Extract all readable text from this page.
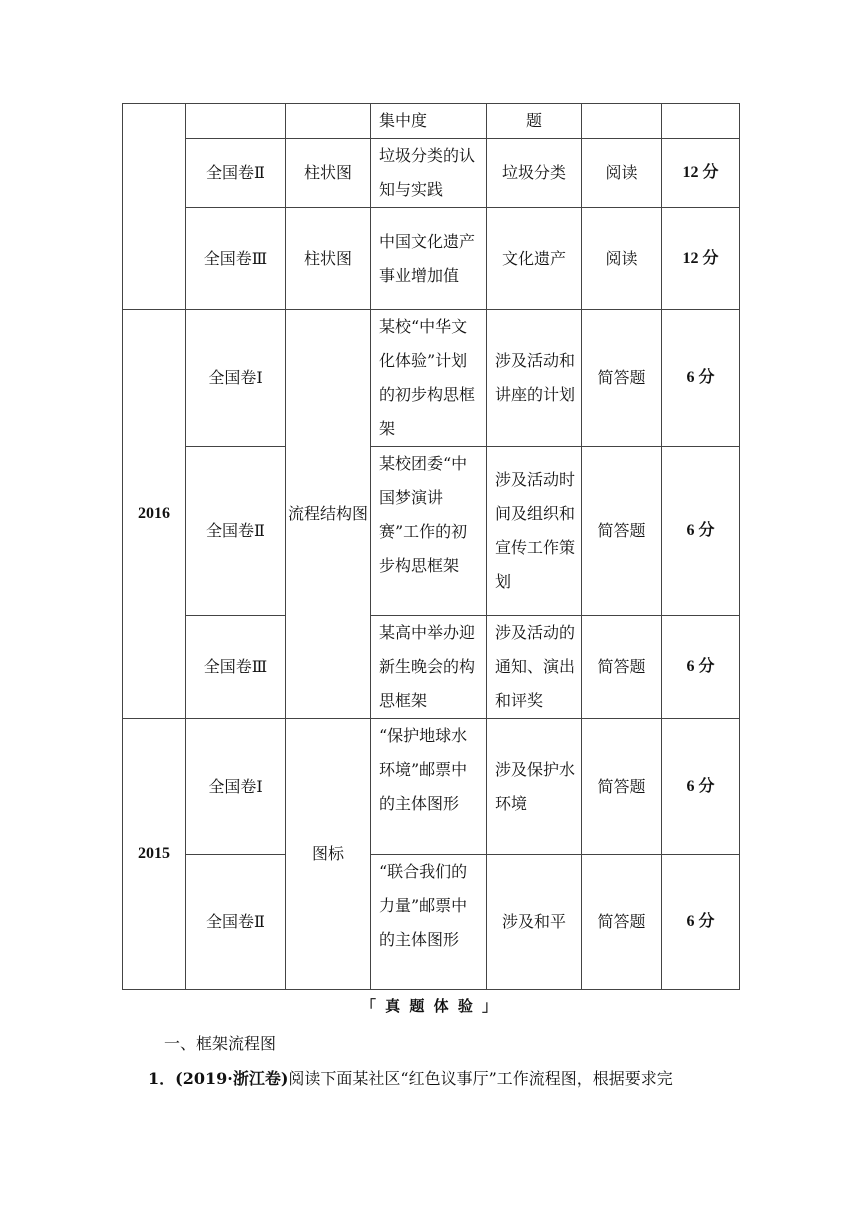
			集中度	题		
	全国卷Ⅱ	柱状图	垃圾分类的认知与实践	垃圾分类	阅读	12 分
	全国卷Ⅲ	柱状图	中国文化遗产事业增加值	文化遗产	阅读	12 分
2016	全国卷Ⅰ	流程结构图	某校“中华文化体验”计划的初步构思框架	涉及活动和讲座的计划	简答题	6 分
	全国卷Ⅱ		某校团委“中国梦演讲赛”工作的初步构思框架	涉及活动时间及组织和宣传工作策划	简答题	6 分
	全国卷Ⅲ		某高中举办迎新生晚会的构思框架	涉及活动的通知、演出和评奖	简答题	6 分
2015	全国卷Ⅰ	图标	“保护地球水环境”邮票中的主体图形	涉及保护水环境	简答题	6 分
	全国卷Ⅱ		“联合我们的力量”邮票中的主体图形	涉及和平	简答题	6 分
「 真 题 体 验 」
一、框架流程图
1．(2019·浙江卷)阅读下面某社区“红色议事厅”工作流程图，根据要求完
